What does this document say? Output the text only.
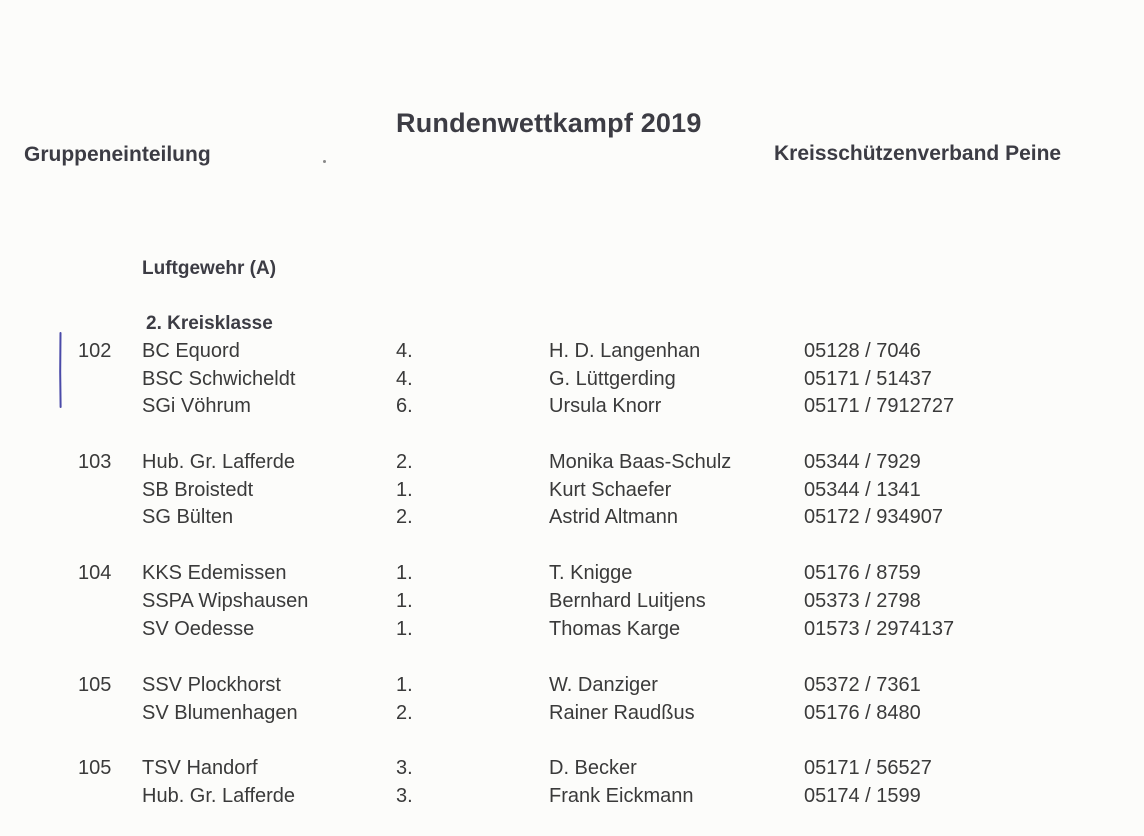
Rundenwettkampf 2019
Gruppeneinteilung	Kreisschützenverband Peine
Luftgewehr (A)
2. Kreisklasse
102 BC Equord	4.	H. D. Langenhan	05128 / 7046
BSC Schwicheldt	4.	G. Lüttgerding	05171 / 51437
SGi Vöhrum	6.	Ursula Knorr	05171 / 7912727
103 Hub. Gr. Lafferde	2.	Monika Baas-Schulz	05344 / 7929
SB Broistedt	1.	Kurt Schaefer	05344 / 1341
SG Bülten	2.	Astrid Altmann	05172 / 934907
104 KKS Edemissen	1.	T. Knigge	05176 / 8759
SSPA Wipshausen	1.	Bernhard Luitjens	05373 / 2798
SV Oedesse	1.	Thomas Karge	01573 / 2974137
105 SSV Plockhorst	1.	W. Danziger	05372 / 7361
SV Blumenhagen	2.	Rainer Raudßus	05176 / 8480
105 TSV Handorf	3.	D. Becker	05171 / 56527
Hub. Gr. Lafferde	3.	Frank Eickmann	05174 / 1599
